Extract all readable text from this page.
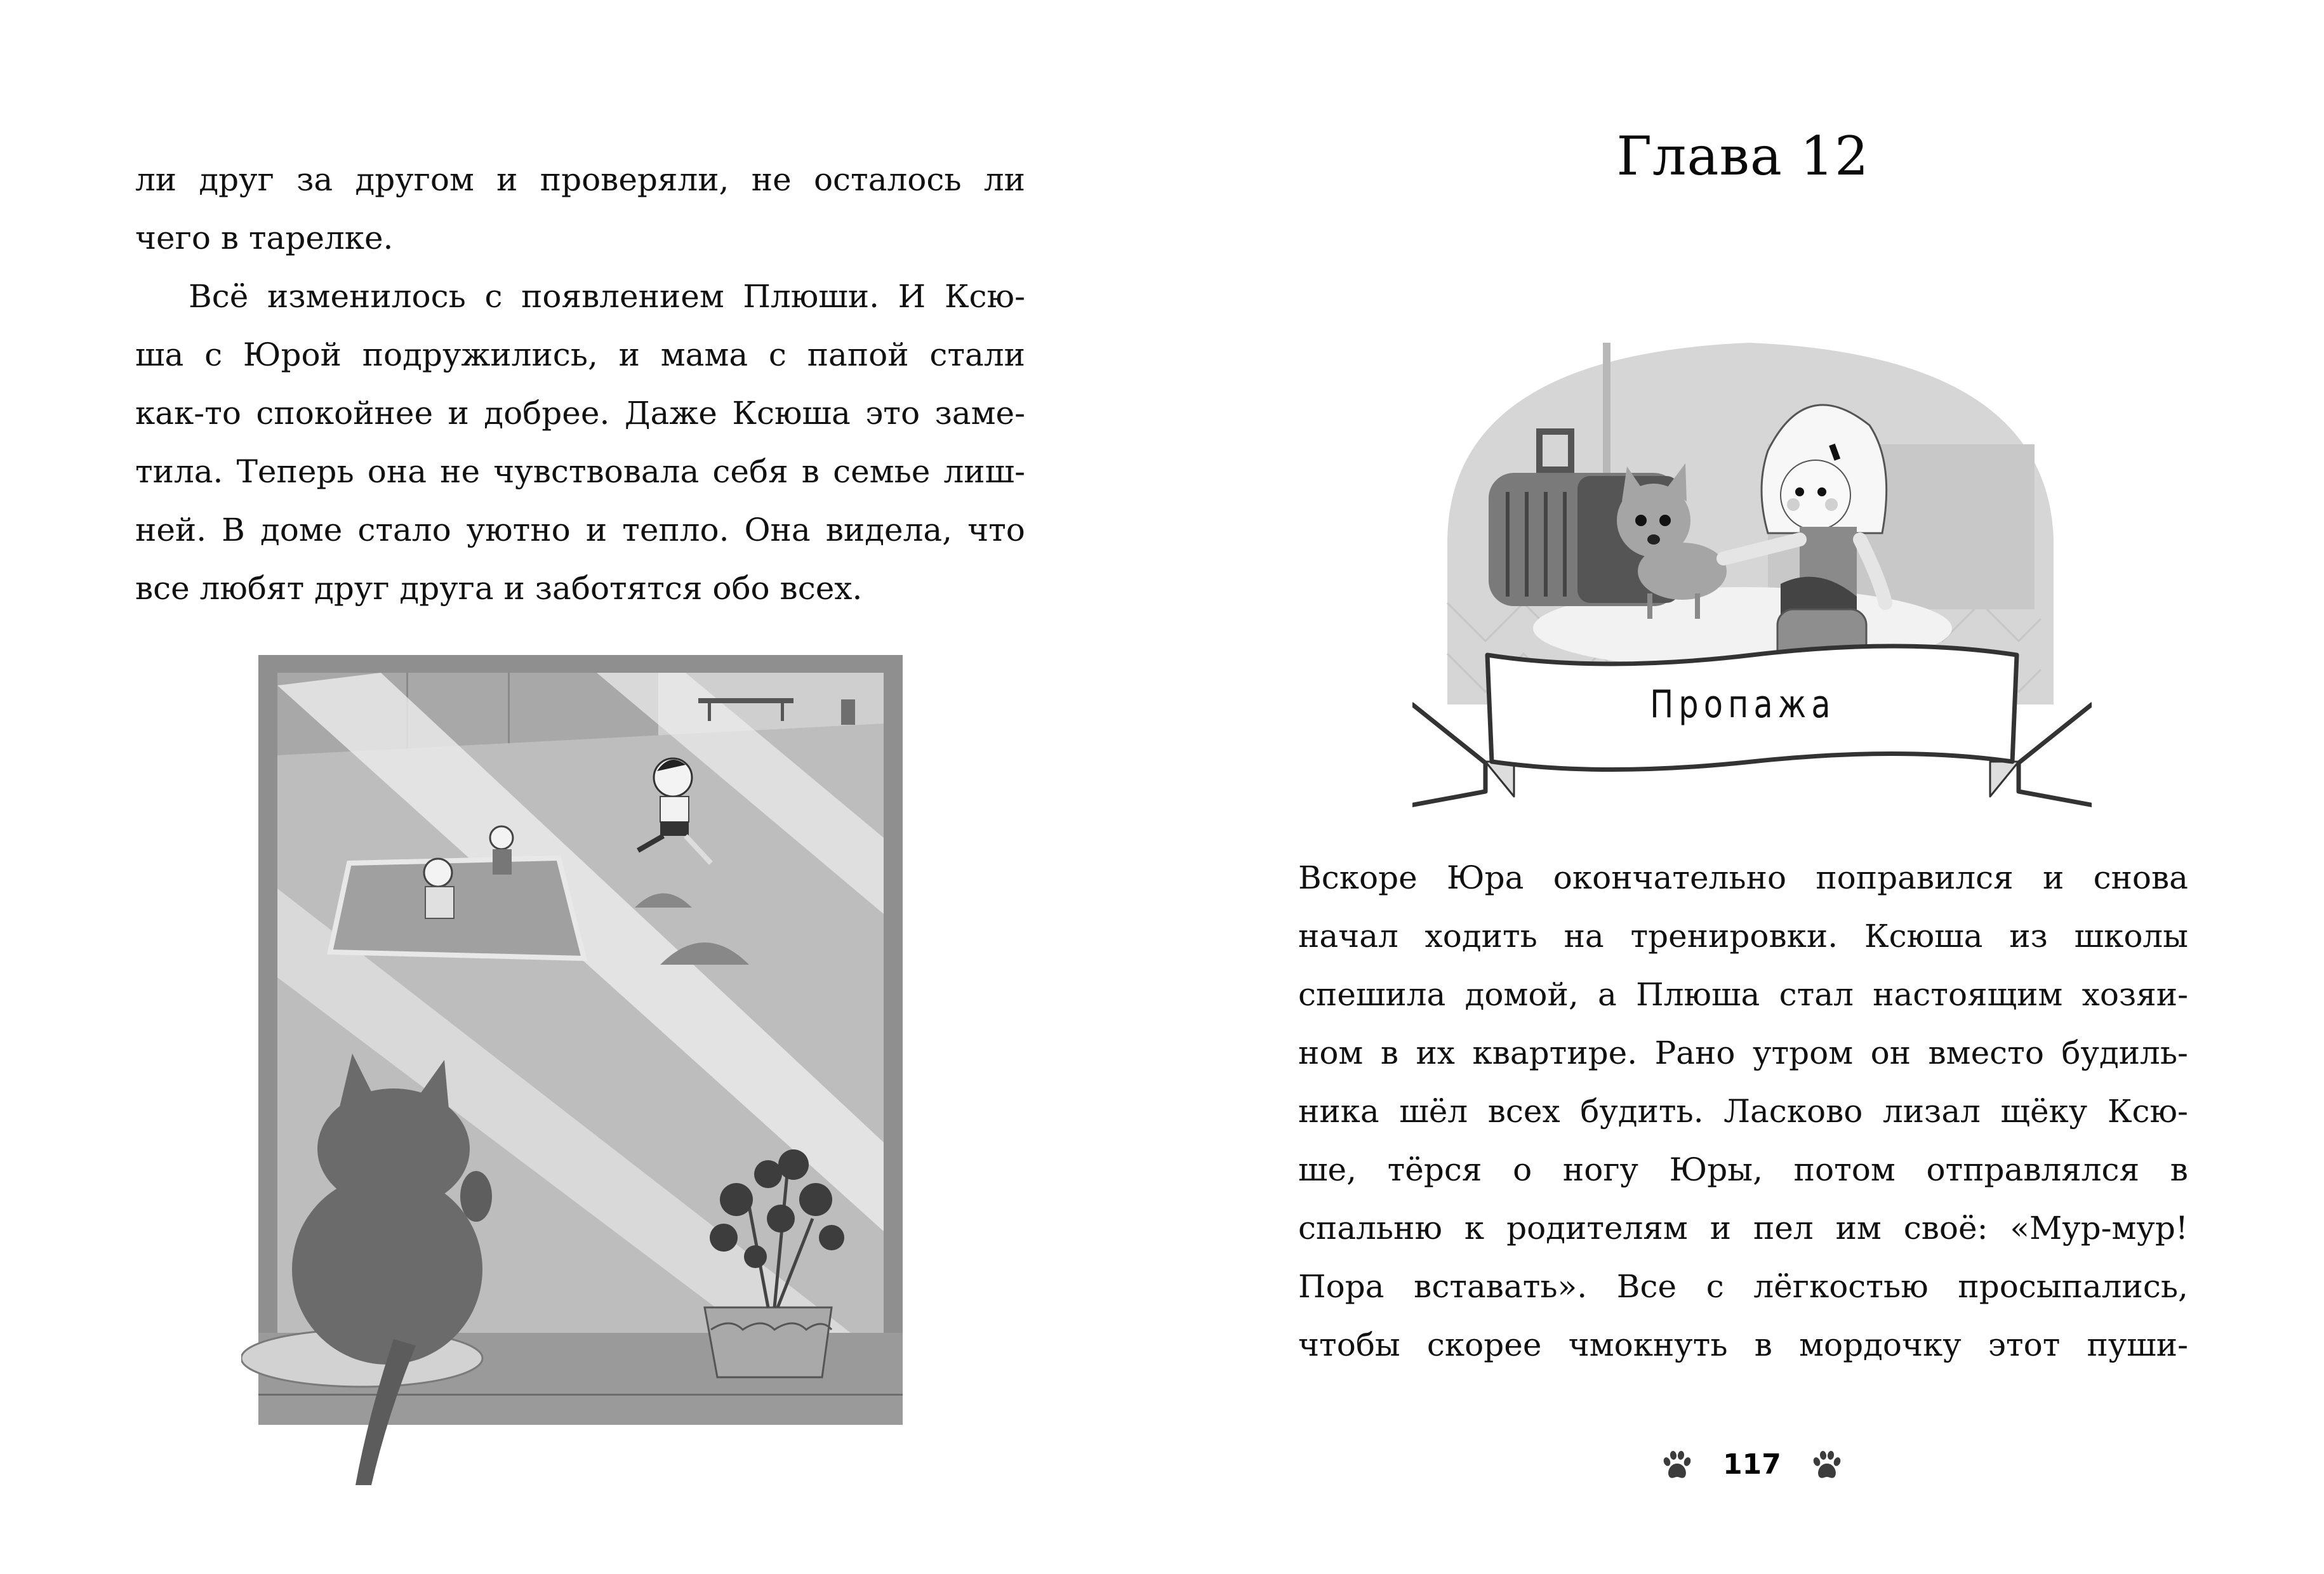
ли друг за другом и проверяли, не осталось ли
чего в тарелке.
Всё изменилось с появлением Плюши. И Ксю-
ша с Юрой подружились, и мама с папой стали
как-то спокойнее и добрее. Даже Ксюша это заме-
тила. Теперь она не чувствовала себя в семье лиш-
ней. В доме стало уютно и тепло. Она видела, что
все любят друг друга и заботятся обо всех.
Глава 12
Пропажа
Вскоре Юра окончательно поправился и снова
начал ходить на тренировки. Ксюша из школы
спешила домой, а Плюша стал настоящим хозяи-
ном в их квартире. Рано утром он вместо будиль-
ника шёл всех будить. Ласково лизал щёку Ксю-
ше, тёрся о ногу Юры, потом отправлялся в
спальню к родителям и пел им своё: «Мур-мур!
Пора вставать». Все с лёгкостью просыпались,
чтобы скорее чмокнуть в мордочку этот пуши-
117
